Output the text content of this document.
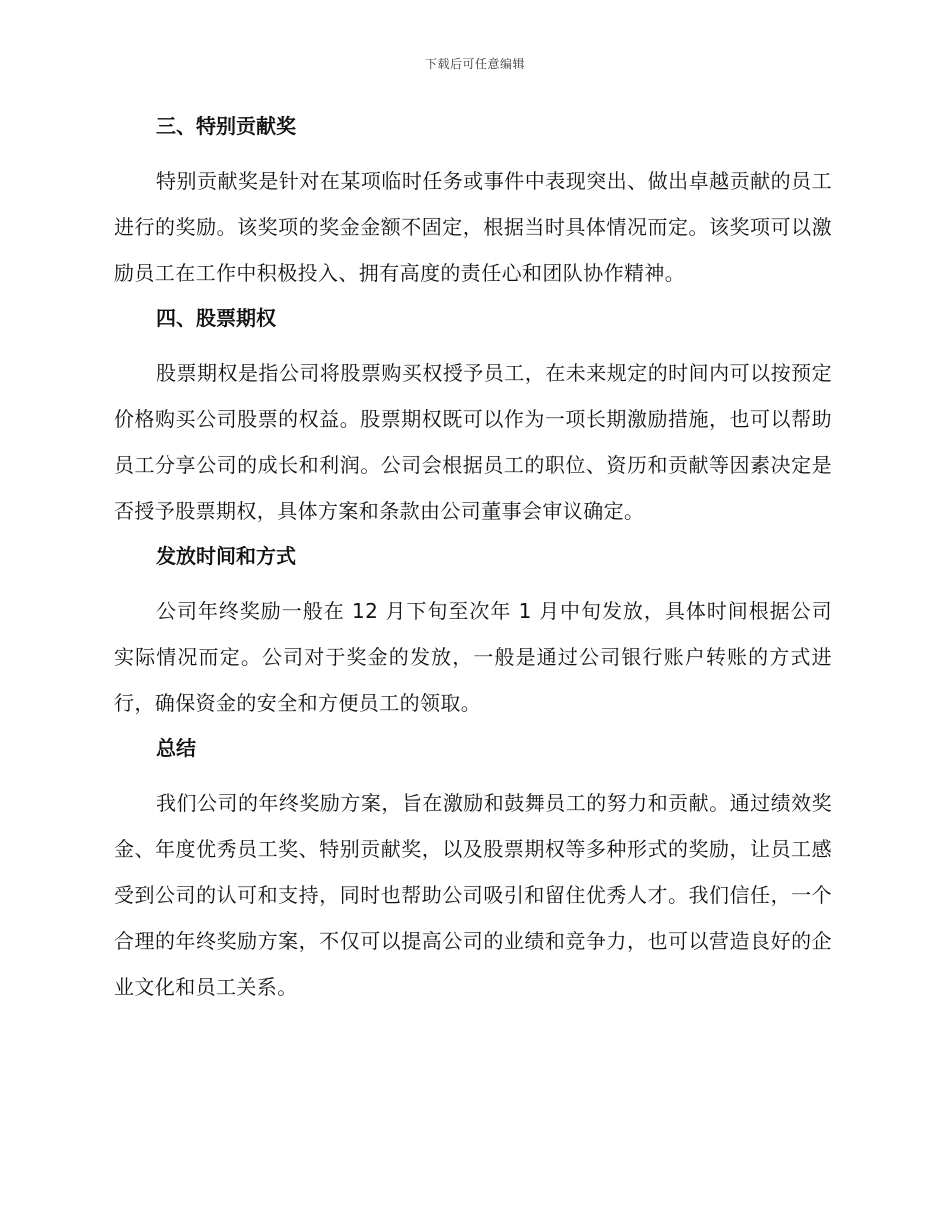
下载后可任意编辑
三、特别贡献奖

特别贡献奖是针对在某项临时任务或事件中表现突出、做出卓越贡献的员工进行的奖励。该奖项的奖金金额不固定，根据当时具体情况而定。该奖项可以激励员工在工作中积极投入、拥有高度的责任心和团队协作精神。

四、股票期权

股票期权是指公司将股票购买权授予员工，在未来规定的时间内可以按预定价格购买公司股票的权益。股票期权既可以作为一项长期激励措施，也可以帮助员工分享公司的成长和利润。公司会根据员工的职位、资历和贡献等因素决定是否授予股票期权，具体方案和条款由公司董事会审议确定。

发放时间和方式

公司年终奖励一般在 12 月下旬至次年 1 月中旬发放，具体时间根据公司实际情况而定。公司对于奖金的发放，一般是通过公司银行账户转账的方式进行，确保资金的安全和方便员工的领取。

总结

我们公司的年终奖励方案，旨在激励和鼓舞员工的努力和贡献。通过绩效奖金、年度优秀员工奖、特别贡献奖，以及股票期权等多种形式的奖励，让员工感受到公司的认可和支持，同时也帮助公司吸引和留住优秀人才。我们信任，一个合理的年终奖励方案，不仅可以提高公司的业绩和竞争力，也可以营造良好的企业文化和员工关系。
